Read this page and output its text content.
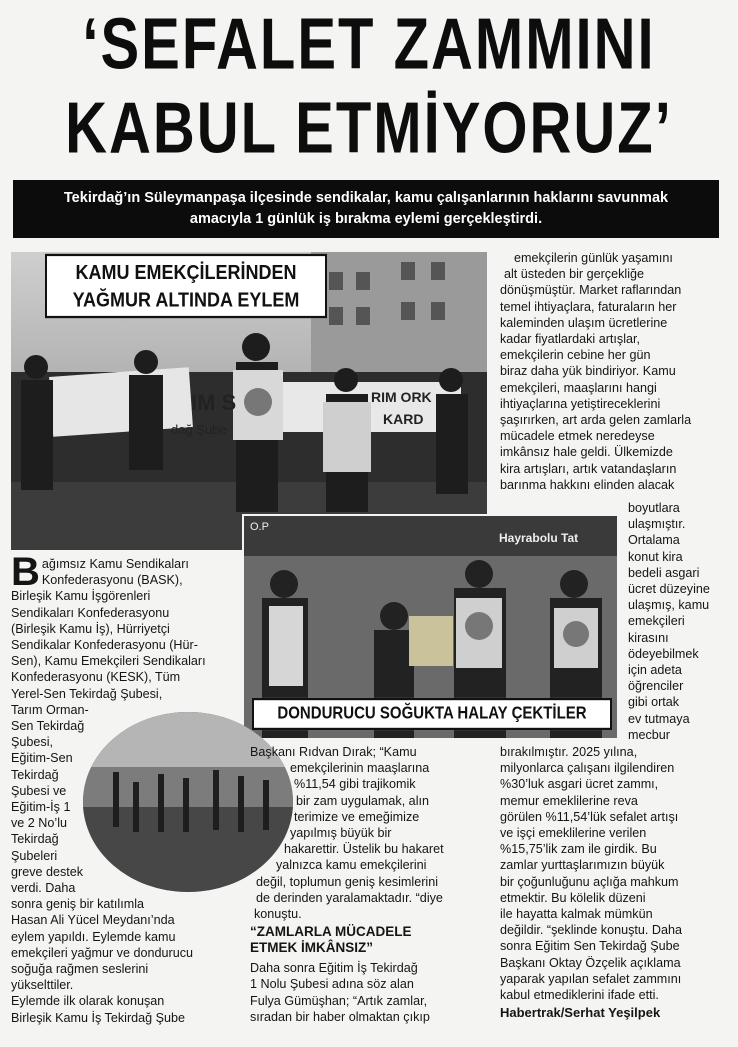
‘SEFALET ZAMMINI
KABUL ETMİYORUZ’
Tekirdağ’ın Süleymanpaşa ilçesinde sendikalar, kamu çalışanlarının haklarını savunmak
amacıyla 1 günlük iş bırakma eylemi gerçekleştirdi.
IM S
dağ Şube
RIM ORK
KARD
KAMU EMEKÇİLERİNDEN
YAĞMUR ALTINDA EYLEM
O.P
Hayrabolu Tat
DONDURUCU SOĞUKTA HALAY ÇEKTİLER
B ağımsız Kamu Sendikaları

Konfederasyonu (BASK),

Birleşik Kamu İşgörenleri

Sendikaları Konfederasyonu

(Birleşik Kamu İş), Hürriyetçi

Sendikalar Konfederasyonu (Hür-

Sen), Kamu Emekçileri Sendikaları

Konfederasyonu (KESK), Tüm

Yerel-Sen Tekirdağ Şubesi,

Tarım Orman-

Sen Tekirdağ

Şubesi,

Eğitim-Sen

Tekirdağ

Şubesi ve

Eğitim-İş 1

ve 2 No’lu

Tekirdağ

Şubeleri

greve destek

verdi. Daha

sonra geniş bir katılımla

Hasan Ali Yücel Meydanı’nda

eylem yapıldı. Eylemde kamu

emekçileri yağmur ve dondurucu

soğuğa rağmen seslerini

yükselttiler.

Eylemde ilk olarak konuşan

Birleşik Kamu İş Tekirdağ Şube

Başkanı Rıdvan Dırak; “Kamu

emekçilerinin maaşlarına

%11,54 gibi trajikomik

bir zam uygulamak, alın

terimize ve emeğimize

yapılmış büyük bir

hakarettir. Üstelik bu hakaret

yalnızca kamu emekçilerini

değil, toplumun geniş kesimlerini

de derinden yaralamaktadır. “diye

konuştu.

“ZAMLARLA MÜCADELE
ETMEK İMKÂNSIZ”

Daha sonra Eğitim İş Tekirdağ

1 Nolu Şubesi adına söz alan

Fulya Gümüşhan; “Artık zamlar,

sıradan bir haber olmaktan çıkıp

emekçilerin günlük yaşamını

alt üsteden bir gerçekliğe

dönüşmüştür. Market raflarından

temel ihtiyaçlara, faturaların her

kaleminden ulaşım ücretlerine

kadar fiyatlardaki artışlar,

emekçilerin cebine her gün

biraz daha yük bindiriyor. Kamu

emekçileri, maaşlarını hangi

ihtiyaçlarına yetiştireceklerini

şaşırırken, art arda gelen zamlarla

mücadele etmek neredeyse

imkânsız hale geldi. Ülkemizde

kira artışları, artık vatandaşların

barınma hakkını elinden alacak

boyutlara

ulaşmıştır.

Ortalama

konut kira

bedeli asgari

ücret düzeyine

ulaşmış, kamu

emekçileri

kirasını

ödeyebilmek

için adeta

öğrenciler

gibi ortak

ev tutmaya

mecbur

bırakılmıştır. 2025 yılına,

milyonlarca çalışanı ilgilendiren

%30’luk asgari ücret zammı,

memur emeklilerine reva

görülen %11,54’lük sefalet artışı

ve işçi emeklilerine verilen

%15,75’lik zam ile girdik. Bu

zamlar yurttaşlarımızın büyük

bir çoğunluğunu açlığa mahkum

etmektir. Bu kölelik düzeni

ile hayatta kalmak mümkün

değildir. “şeklinde konuştu. Daha

sonra Eğitim Sen Tekirdağ Şube

Başkanı Oktay Özçelik açıklama

yaparak yapılan sefalet zammını

kabul etmediklerini ifade etti.

Habertrak/Serhat Yeşilpek
